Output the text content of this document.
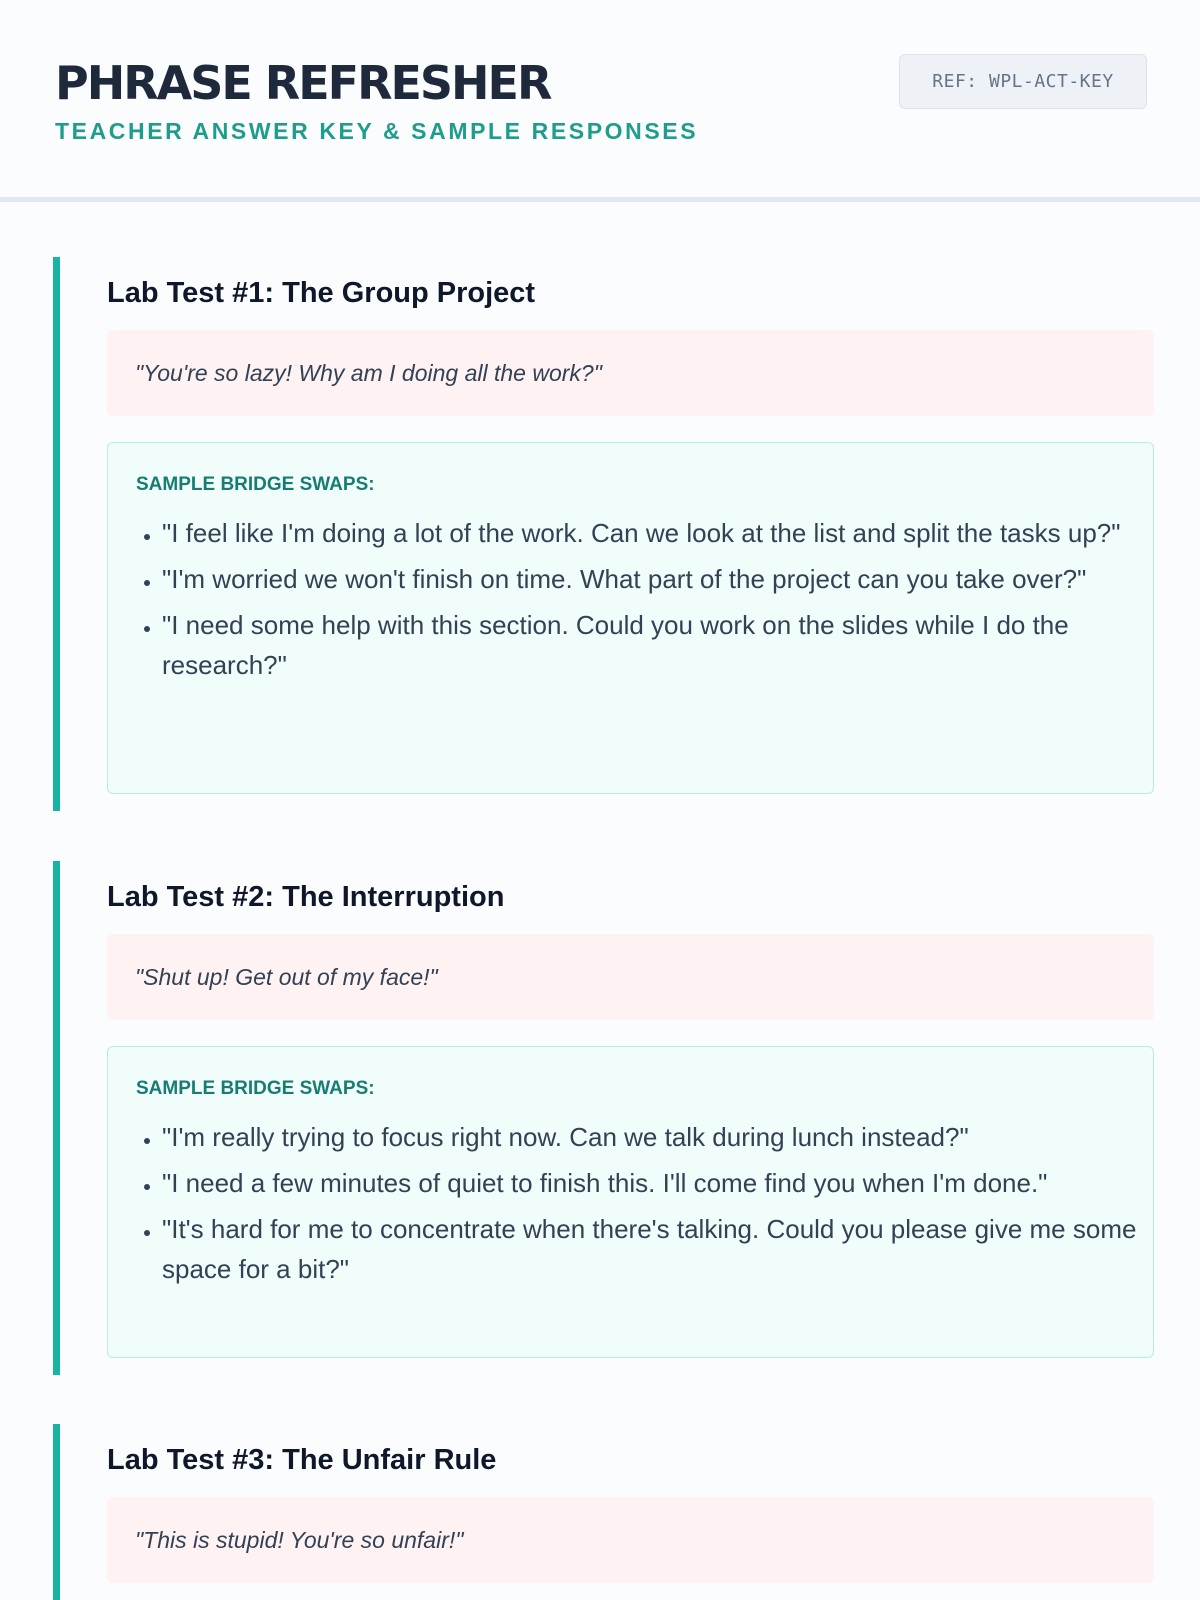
PHRASE REFRESHER
TEACHER ANSWER KEY & SAMPLE RESPONSES
REF: WPL-ACT-KEY
Lab Test #1: The Group Project
"You're so lazy! Why am I doing all the work?"
SAMPLE BRIDGE SWAPS:
• "I feel like I'm doing a lot of the work. Can we look at the list and split the tasks up?"
• "I'm worried we won't finish on time. What part of the project can you take over?"
• "I need some help with this section. Could you work on the slides while I do the research?"
Lab Test #2: The Interruption
"Shut up! Get out of my face!"
SAMPLE BRIDGE SWAPS:
• "I'm really trying to focus right now. Can we talk during lunch instead?"
• "I need a few minutes of quiet to finish this. I'll come find you when I'm done."
• "It's hard for me to concentrate when there's talking. Could you please give me some space for a bit?"
Lab Test #3: The Unfair Rule
"This is stupid! You're so unfair!"
